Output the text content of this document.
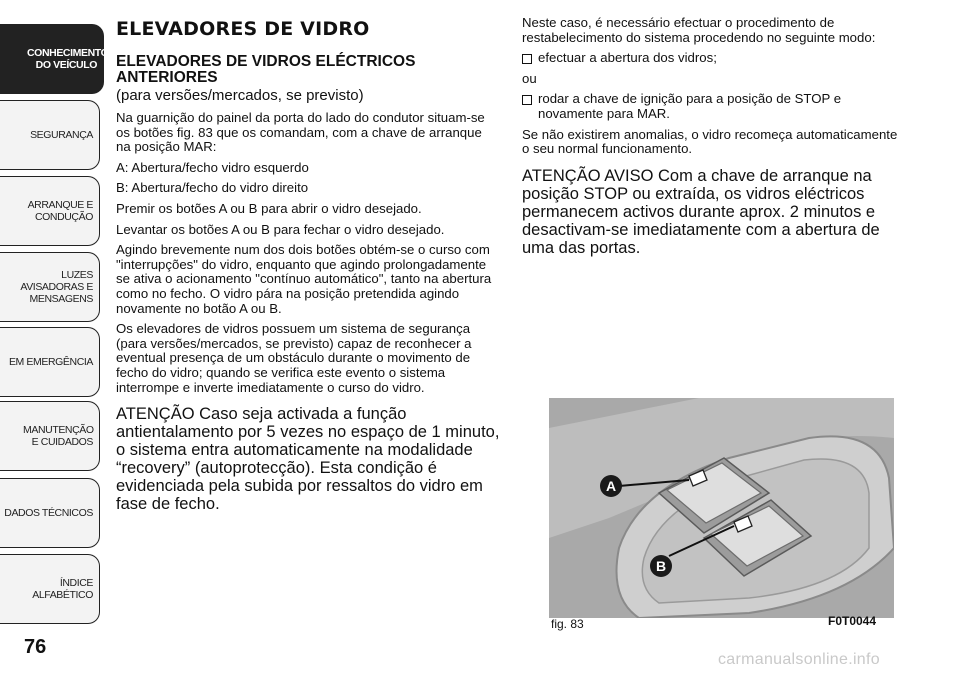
CONHECIMENTO DO VEÍCULO
SEGURANÇA
ARRANQUE E CONDUÇÃO
LUZES AVISADORAS E MENSAGENS
EM EMERGÊNCIA
MANUTENÇÃO E CUIDADOS
DADOS TÉCNICOS
ÍNDICE ALFABÉTICO
76
ELEVADORES DE VIDRO
ELEVADORES DE VIDROS ELÉCTRICOS ANTERIORES
(para versões/mercados, se previsto)

Na guarnição do painel da porta do lado do condutor situam-se os botões fig. 83 que os comandam, com a chave de arranque na posição MAR:

A: Abertura/fecho vidro esquerdo

B: Abertura/fecho do vidro direito

Premir os botões A ou B para abrir o vidro desejado.

Levantar os botões A ou B para fechar o vidro desejado.

Agindo brevemente num dos dois botões obtém-se o curso com "interrupções" do vidro, enquanto que agindo prolongadamente se ativa o acionamento "contínuo automático", tanto na abertura como no fecho. O vidro pára na posição pretendida agindo novamente no botão A ou B.

Os elevadores de vidros possuem um sistema de segurança (para versões/mercados, se previsto) capaz de reconhecer a eventual presença de um obstáculo durante o movimento de fecho do vidro; quando se verifica este evento o sistema interrompe e inverte imediatamente o curso do vidro.

ATENÇÃO Caso seja activada a função antientalamento por 5 vezes no espaço de 1 minuto, o sistema entra automaticamente na modalidade “recovery” (autoprotecção). Esta condição é evidenciada pela subida por ressaltos do vidro em fase de fecho.

Neste caso, é necessário efectuar o procedimento de restabelecimento do sistema procedendo no seguinte modo:

efectuar a abertura dos vidros;

ou

rodar a chave de ignição para a posição de STOP e novamente para MAR.

Se não existirem anomalias, o vidro recomeça automaticamente o seu normal funcionamento.

ATENÇÃO AVISO Com a chave de arranque na posição STOP ou extraída, os vidros eléctricos permanecem activos durante aprox. 2 minutos e desactivam-se imediatamente com a abertura de uma das portas.
A
B
fig. 83	F0T0044
carmanualsonline.info
